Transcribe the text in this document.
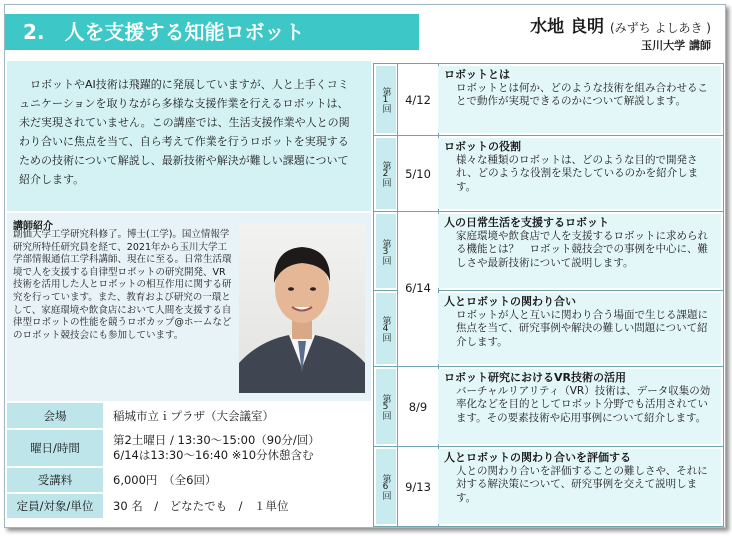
2.　人を支援する知能ロボット	水地 良明 (みずち よしあき )
玉川大学 講師
ロボットやAI技術は飛躍的に発展していますが、人と上手くコミュニケーションを取りながら多様な支援作業を行えるロボットは、未だ実現されていません。この講座では、生活支援作業や人との関わり合いに焦点を当て、自ら考えて作業を行うロボットを実現するための技術について解説し、最新技術や解決が難しい課題について紹介します。
講師紹介
創価大学工学研究科修了。博士(工学)。国立情報学研究所特任研究員を経て、2021年から玉川大学工学部情報通信工学科講師、現在に至る。日常生活環境で人を支援する自律型ロボットの研究開発、VR技術を活用した人とロボットの相互作用に関する研究を行っています。また、教育および研究の一環として、家庭環境や飲食店において人間を支援する自律型ロボットの性能を競うロボカップ@ホームなどのロボット競技会にも参加しています。
会場	稲城市立ｉプラザ（大会議室）
曜日/時間	第2土曜日 / 13:30～15:00（90分/回）
6/14は13:30～16:40 ※10分休憩含む

受講料	6,000円　（全6回）
定員/対象/単位	30 名　/　どなたでも　/　１単位
第1回	4/12
ロボットとは
ロボットとは何か、どのような技術を組み合わせることで動作が実現できるのかについて解説します。
第2回	5/10
ロボットの役割
様々な種類のロボットは、どのような目的で開発され、どのような役割を果たしているのかを紹介します。
第3回
6/14
人の日常生活を支援するロボット
家庭環境や飲食店で人を支援するロボットに求められる機能とは？　ロボット競技会での事例を中心に、難しさや最新技術について説明します。
第4回
人とロボットの関わり合い
ロボットが人と互いに関わり合う場面で生じる課題に焦点を当て、研究事例や解決の難しい問題について紹介します。
第5回	8/9
ロボット研究におけるVR技術の活用
バーチャルリアリティ（VR）技術は、データ収集の効率化などを目的としてロボット分野でも活用されています。その要素技術や応用事例について紹介します。
第6回	9/13
人とロボットの関わり合いを評価する
人との関わり合いを評価することの難しさや、それに対する解決策について、研究事例を交えて説明します。
